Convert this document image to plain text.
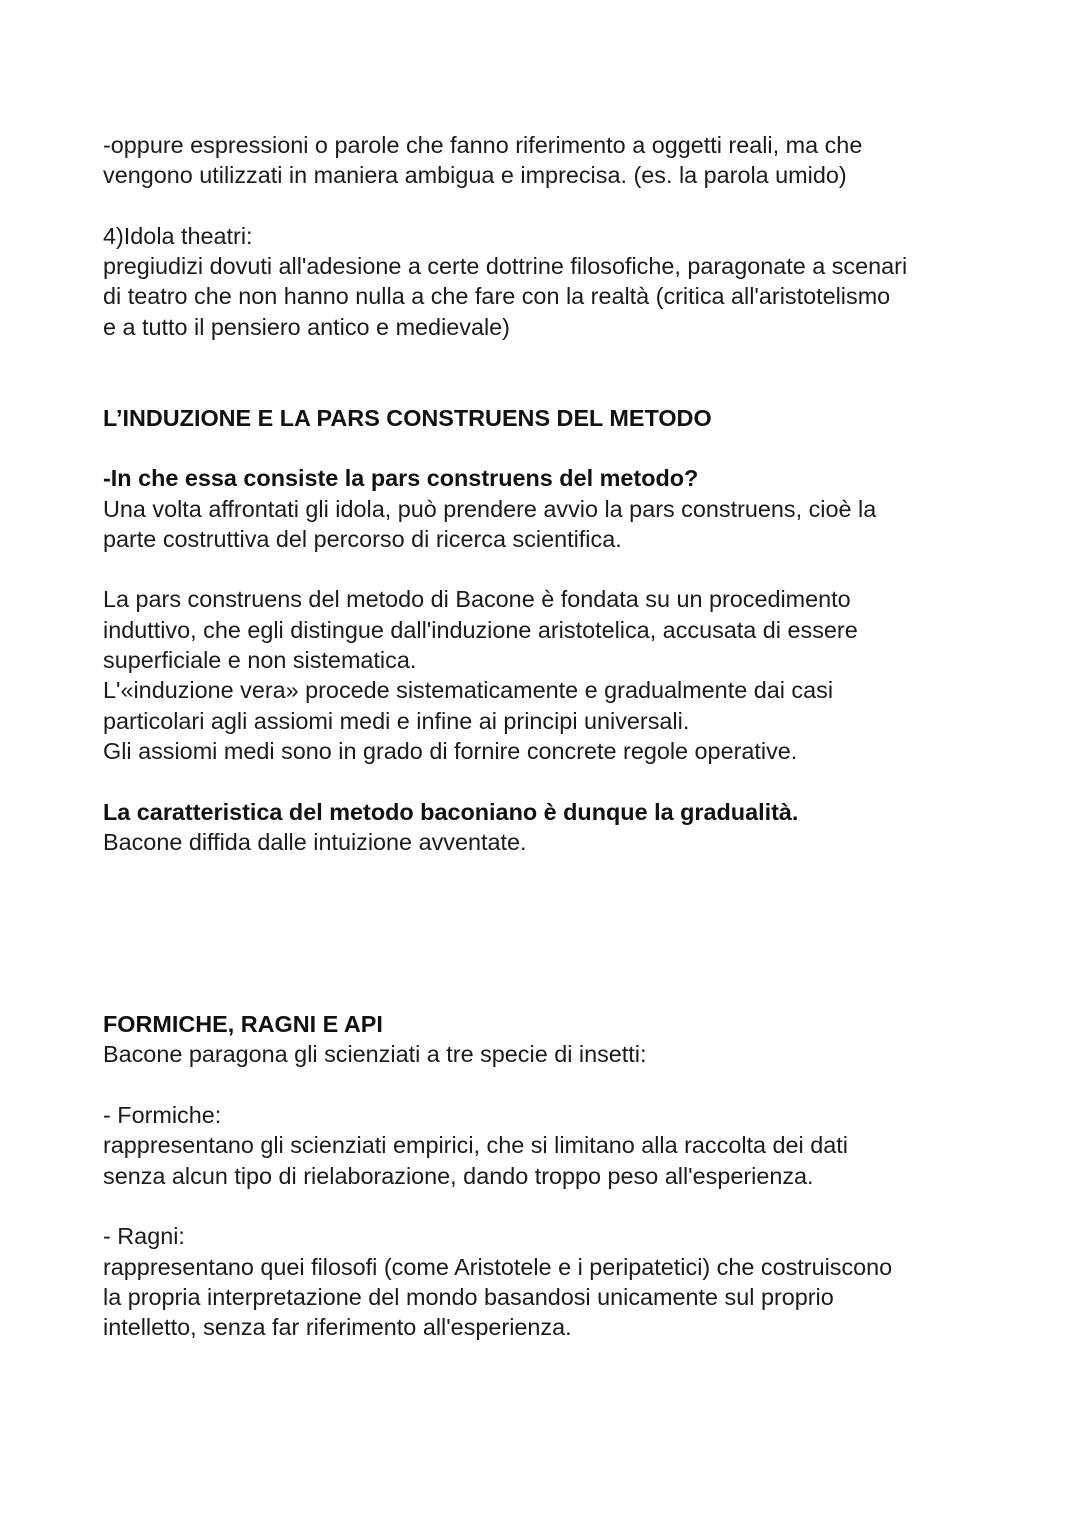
-oppure espressioni o parole che fanno riferimento a oggetti reali, ma che
vengono utilizzati in maniera ambigua e imprecisa. (es. la parola umido)
4)Idola theatri:
pregiudizi dovuti all'adesione a certe dottrine filosofiche, paragonate a scenari
di teatro che non hanno nulla a che fare con la realtà (critica all'aristotelismo
e a tutto il pensiero antico e medievale)
L’INDUZIONE E LA PARS CONSTRUENS DEL METODO
-In che essa consiste la pars construens del metodo?
Una volta affrontati gli idola, può prendere avvio la pars construens, cioè la
parte costruttiva del percorso di ricerca scientifica.
La pars construens del metodo di Bacone è fondata su un procedimento
induttivo, che egli distingue dall'induzione aristotelica, accusata di essere
superficiale e non sistematica.
L'«induzione vera» procede sistematicamente e gradualmente dai casi
particolari agli assiomi medi e infine ai principi universali.
Gli assiomi medi sono in grado di fornire concrete regole operative.
La caratteristica del metodo baconiano è dunque la gradualità.
Bacone diffida dalle intuizione avventate.
FORMICHE, RAGNI E API
Bacone paragona gli scienziati a tre specie di insetti:
- Formiche:
rappresentano gli scienziati empirici, che si limitano alla raccolta dei dati
senza alcun tipo di rielaborazione, dando troppo peso all'esperienza.
- Ragni:
rappresentano quei filosofi (come Aristotele e i peripatetici) che costruiscono
la propria interpretazione del mondo basandosi unicamente sul proprio
intelletto, senza far riferimento all'esperienza.
